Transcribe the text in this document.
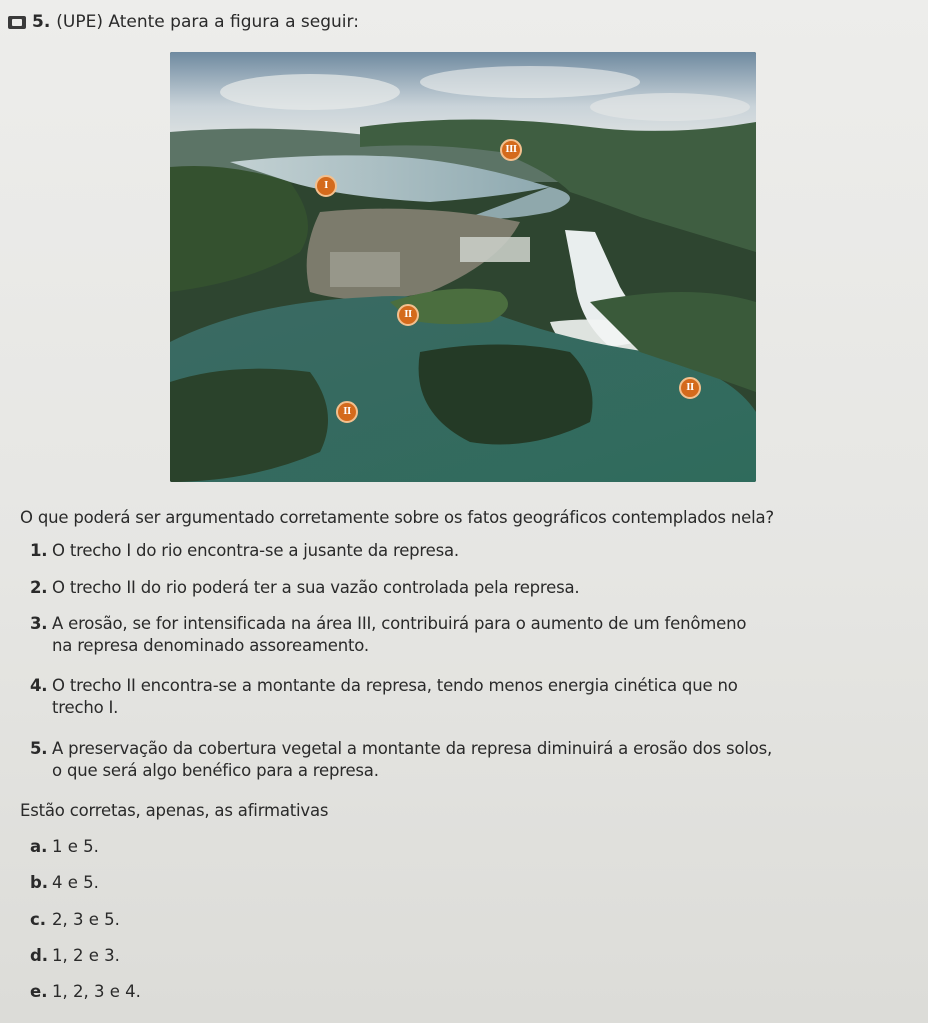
5. (UPE) Atente para a figura a seguir:
I
II
II
II
III
O que poderá ser argumentado corretamente sobre os fatos geográficos contemplados nela?
1. O trecho I do rio encontra-se a jusante da represa.
2. O trecho II do rio poderá ter a sua vazão controlada pela represa.
3. A erosão, se for intensificada na área III, contribuirá para o aumento de um fenômeno
na represa denominado assoreamento.
4. O trecho II encontra-se a montante da represa, tendo menos energia cinética que no
trecho I.
5. A preservação da cobertura vegetal a montante da represa diminuirá a erosão dos solos,
o que será algo benéfico para a represa.
Estão corretas, apenas, as afirmativas
a. 1 e 5.
b. 4 e 5.
c. 2, 3 e 5.
d. 1, 2 e 3.
e. 1, 2, 3 e 4.
